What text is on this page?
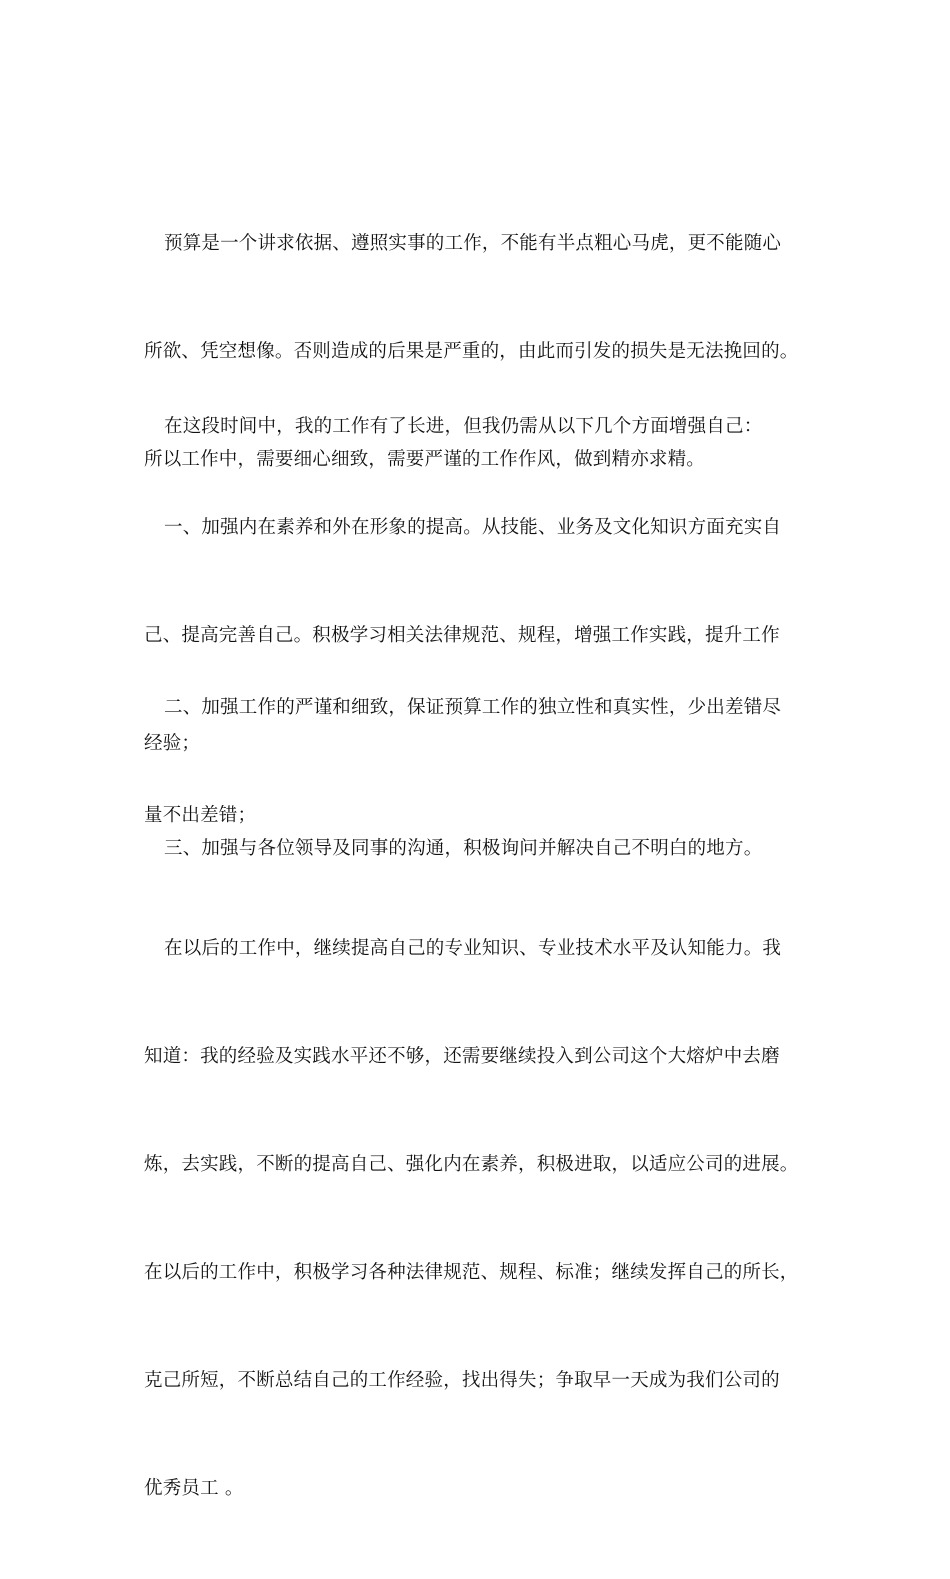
预算是一个讲求依据、遵照实事的工作，不能有半点粗心马虎，更不能随心

所欲、凭空想像。否则造成的后果是严重的，由此而引发的损失是无法挽回的。

所以工作中，需要细心细致，需要严谨的工作作风，做到精亦求精。

在这段时间中，我的工作有了长进，但我仍需从以下几个方面增强自己：

一、加强内在素养和外在形象的提高。从技能、业务及文化知识方面充实自

己、提高完善自己。积极学习相关法律规范、规程，增强工作实践，提升工作

经验；

二、加强工作的严谨和细致，保证预算工作的独立性和真实性，少出差错尽

量不出差错；

三、加强与各位领导及同事的沟通，积极询问并解决自己不明白的地方。

在以后的工作中，继续提高自己的专业知识、专业技术水平及认知能力。我

知道：我的经验及实践水平还不够，还需要继续投入到公司这个大熔炉中去磨

炼，去实践，不断的提高自己、强化内在素养，积极进取，以适应公司的进展。

在以后的工作中，积极学习各种法律规范、规程、标准；继续发挥自己的所长，

克己所短，不断总结自己的工作经验，找出得失；争取早一天成为我们公司的

优秀员工 。
